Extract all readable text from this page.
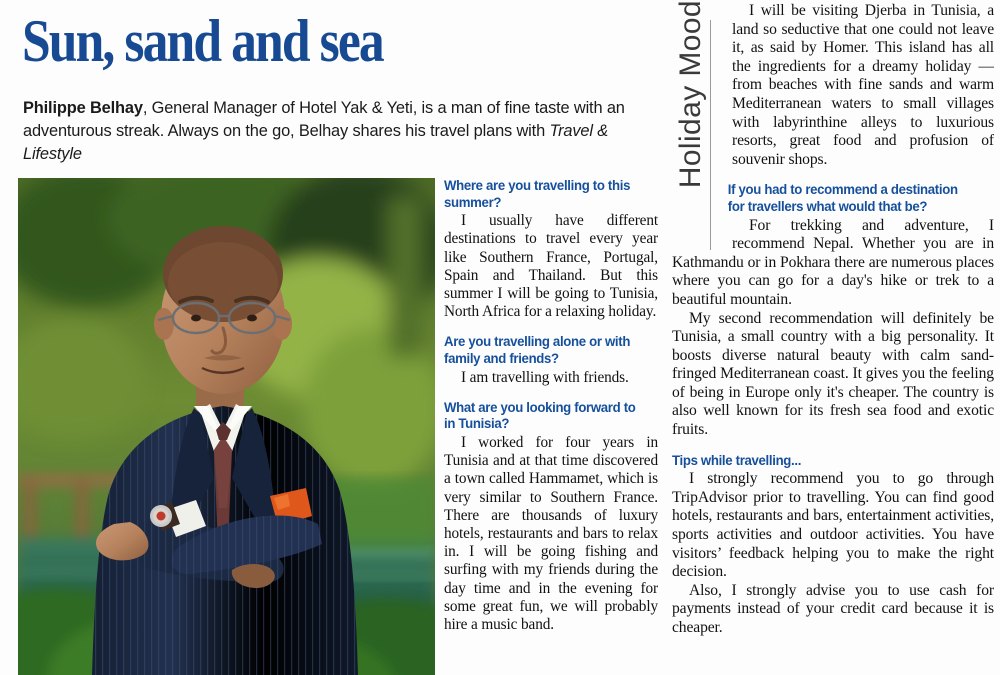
Sun, sand and sea
Philippe Belhay, General Manager of Hotel Yak & Yeti, is a man of fine taste with an adventurous streak. Always on the go, Belhay shares his travel plans with Travel & Lifestyle
Where are you travelling to this summer?

I usually have different destinations to travel every year like Southern France, Portugal, Spain and Thailand. But this summer I will be going to Tunisia, North Africa for a relaxing holiday.

Are you travelling alone or with family and friends?

I am travelling with friends.

What are you looking forward to in Tunisia?

I worked for four years in Tunisia and at that time discovered a town called Hammamet, which is very similar to Southern France. There are thousands of luxury hotels, restaurants and bars to relax in. I will be going fishing and surfing with my friends during the day time and in the evening for some great fun, we will probably hire a music band.

Holiday Mood	I will be visiting Djerba in Tunisia, a land so seductive that one could not leave it, as said by Homer. This island has all the ingredients for a dreamy holiday — from beaches with fine sands and warm Mediterranean waters to small villages with labyrinthine alleys to luxurious resorts, great food and profusion of souvenir shops.

If you had to recommend a destination for travellers what would that be?

For trekking and adventure, I recommend Nepal. Whether you are in Kathmandu or in Pokhara there are numerous places where you can go for a day's hike or trek to a beautiful mountain.

My second recommendation will definitely be Tunisia, a small country with a big personality. It boosts diverse natural beauty with calm sand-fringed Mediterranean coast. It gives you the feeling of being in Europe only it's cheaper. The country is also well known for its fresh sea food and exotic fruits.

Tips while travelling...

I strongly recommend you to go through TripAdvisor prior to travelling. You can find good hotels, restaurants and bars, entertainment activities, sports activities and outdoor activities. You have visitors’ feedback helping you to make the right decision.

Also, I strongly advise you to use cash for payments instead of your credit card because it is cheaper.
